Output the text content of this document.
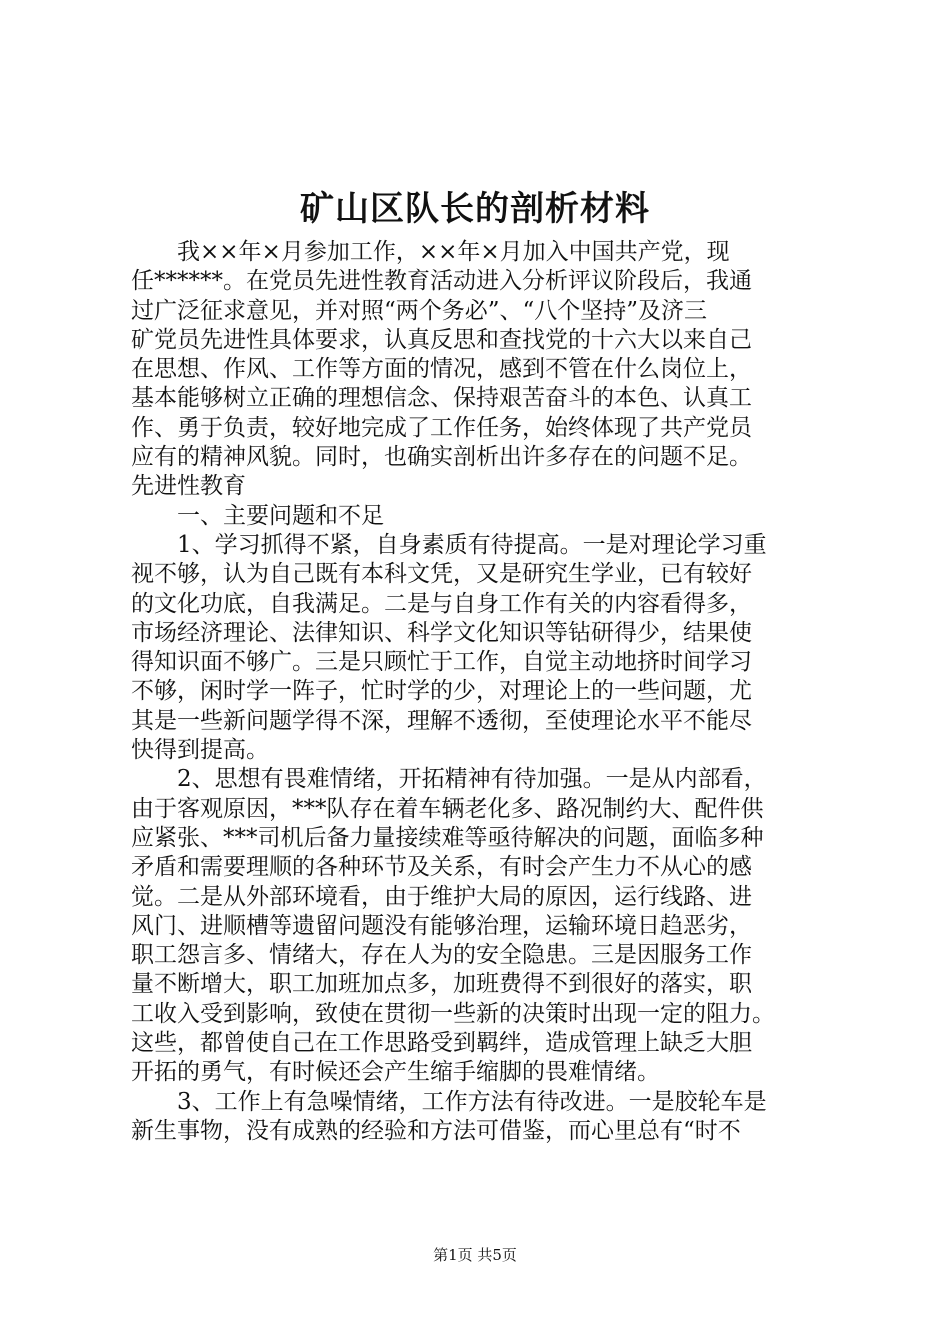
矿山区队长的剖析材料
我××年×月参加工作，××年×月加入中国共产党，现
任******。在党员先进性教育活动进入分析评议阶段后，我通
过广泛征求意见，并对照“两个务必”、“八个坚持”及济三
矿党员先进性具体要求，认真反思和查找党的十六大以来自己
在思想、作风、工作等方面的情况，感到不管在什么岗位上，
基本能够树立正确的理想信念、保持艰苦奋斗的本色、认真工
作、勇于负责，较好地完成了工作任务，始终体现了共产党员
应有的精神风貌。同时，也确实剖析出许多存在的问题不足。
先进性教育
一、主要问题和不足
1、学习抓得不紧，自身素质有待提高。一是对理论学习重
视不够，认为自己既有本科文凭，又是研究生学业，已有较好
的文化功底，自我满足。二是与自身工作有关的内容看得多，
市场经济理论、法律知识、科学文化知识等钻研得少，结果使
得知识面不够广。三是只顾忙于工作，自觉主动地挤时间学习
不够，闲时学一阵子，忙时学的少，对理论上的一些问题，尤
其是一些新问题学得不深，理解不透彻，至使理论水平不能尽
快得到提高。
2、思想有畏难情绪，开拓精神有待加强。一是从内部看，
由于客观原因，***队存在着车辆老化多、路况制约大、配件供
应紧张、***司机后备力量接续难等亟待解决的问题，面临多种
矛盾和需要理顺的各种环节及关系，有时会产生力不从心的感
觉。二是从外部环境看，由于维护大局的原因，运行线路、进
风门、进顺槽等遗留问题没有能够治理，运输环境日趋恶劣，
职工怨言多、情绪大，存在人为的安全隐患。三是因服务工作
量不断增大，职工加班加点多，加班费得不到很好的落实，职
工收入受到影响，致使在贯彻一些新的决策时出现一定的阻力。
这些，都曾使自己在工作思路受到羁绊，造成管理上缺乏大胆
开拓的勇气，有时候还会产生缩手缩脚的畏难情绪。
3、工作上有急噪情绪，工作方法有待改进。一是胶轮车是
新生事物，没有成熟的经验和方法可借鉴，而心里总有“时不
第1页 共5页
